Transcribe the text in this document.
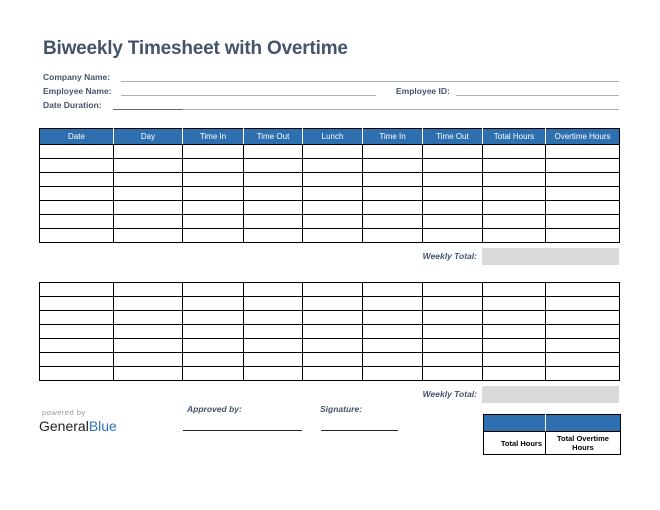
Biweekly Timesheet with Overtime
Company Name:
Employee Name:	Employee ID:
Date Duration:
Date	Day	Time In	Time Out	Lunch	Time In	Time Out	Total Hours	Overtime Hours

Weekly Total:

Weekly Total:
powered by
GeneralBlue
Approved by:	Signature:

Total Hours	Total Overtime Hours
